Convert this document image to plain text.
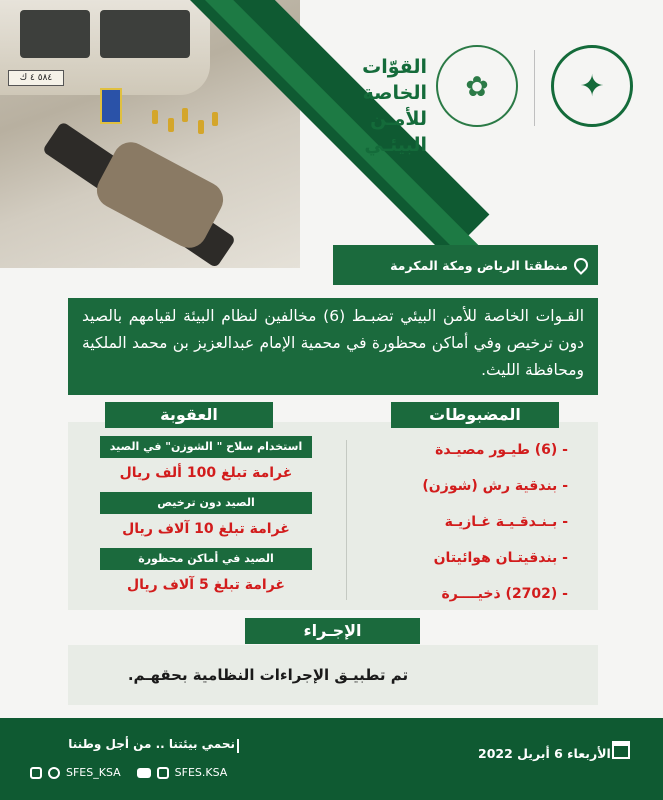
٥٨٤ ٤ ك	✦
✿
القوّات الخاصة
للأمـن البيئـي
منطقتا الرياض ومكة المكرمة
القـوات الخاصة للأمن البيئي تضبـط (6) مخالفين لنظام البيئة لقيامهم بالصيد دون ترخيص وفي أماكن محظورة في محمية الإمام عبدالعزيز بن محمد الملكية ومحافظة الليث.
المضبوطات
العقوبة
- (6) طيـور مصيـدة
- بندقية رش (شوزن)
- بـنـدقـيـة غـازيـة
- بندقيتـان هوائيتان
- (2702) ذخيــــرة
استخدام سلاح " الشوزن" في الصيد
غرامة تبلغ 100 ألف ريال
الصيد دون ترخيص
غرامة تبلغ 10 آلاف ريال
الصيد في أماكن محظورة
غرامة تبلغ 5 آلاف ريال
الإجـراء
تم تطبيـق الإجراءات النظامية بحقهـم.
الأربعاء 6 أبريل 2022
نحمي بيئتنا .. من أجل وطننا
SFES_KSA	SFES.KSA
